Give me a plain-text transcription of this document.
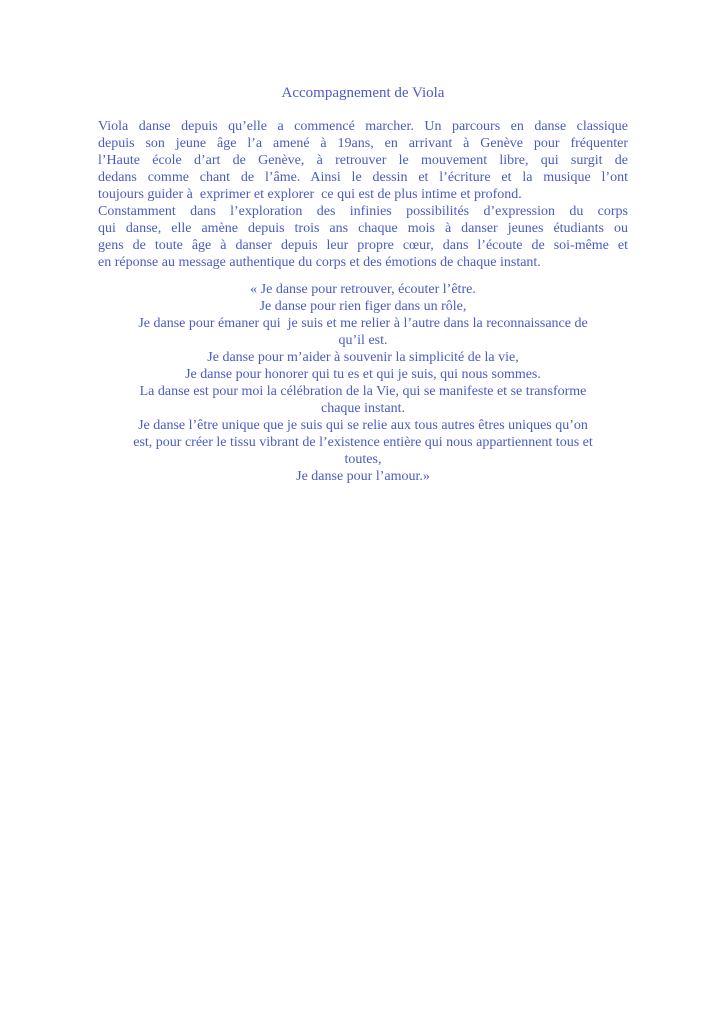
Accompagnement de Viola
Viola danse depuis qu’elle a commencé marcher. Un parcours en danse classique
depuis son jeune âge l’a amené à 19ans, en arrivant à Genève pour fréquenter
l’Haute école d’art de Genève, à retrouver le mouvement libre, qui surgit de
dedans comme chant de l’âme. Ainsi le dessin et l’écriture et la musique l’ont
toujours guider à  exprimer et explorer  ce qui est de plus intime et profond.
Constamment dans l’exploration des infinies possibilités d’expression du corps
qui danse, elle amène depuis trois ans chaque mois à danser jeunes étudiants ou
gens de toute âge à danser depuis leur propre cœur, dans l’écoute de soi-même et
en réponse au message authentique du corps et des émotions de chaque instant.
« Je danse pour retrouver, écouter l’être.
Je danse pour rien figer dans un rôle,
Je danse pour émaner qui  je suis et me relier à l’autre dans la reconnaissance de
qu’il est.
Je danse pour m’aider à souvenir la simplicité de la vie,
Je danse pour honorer qui tu es et qui je suis, qui nous sommes.
La danse est pour moi la célébration de la Vie, qui se manifeste et se transforme
chaque instant.
Je danse l’être unique que je suis qui se relie aux tous autres êtres uniques qu’on
est, pour créer le tissu vibrant de l’existence entière qui nous appartiennent tous et
toutes,
Je danse pour l’amour.»
